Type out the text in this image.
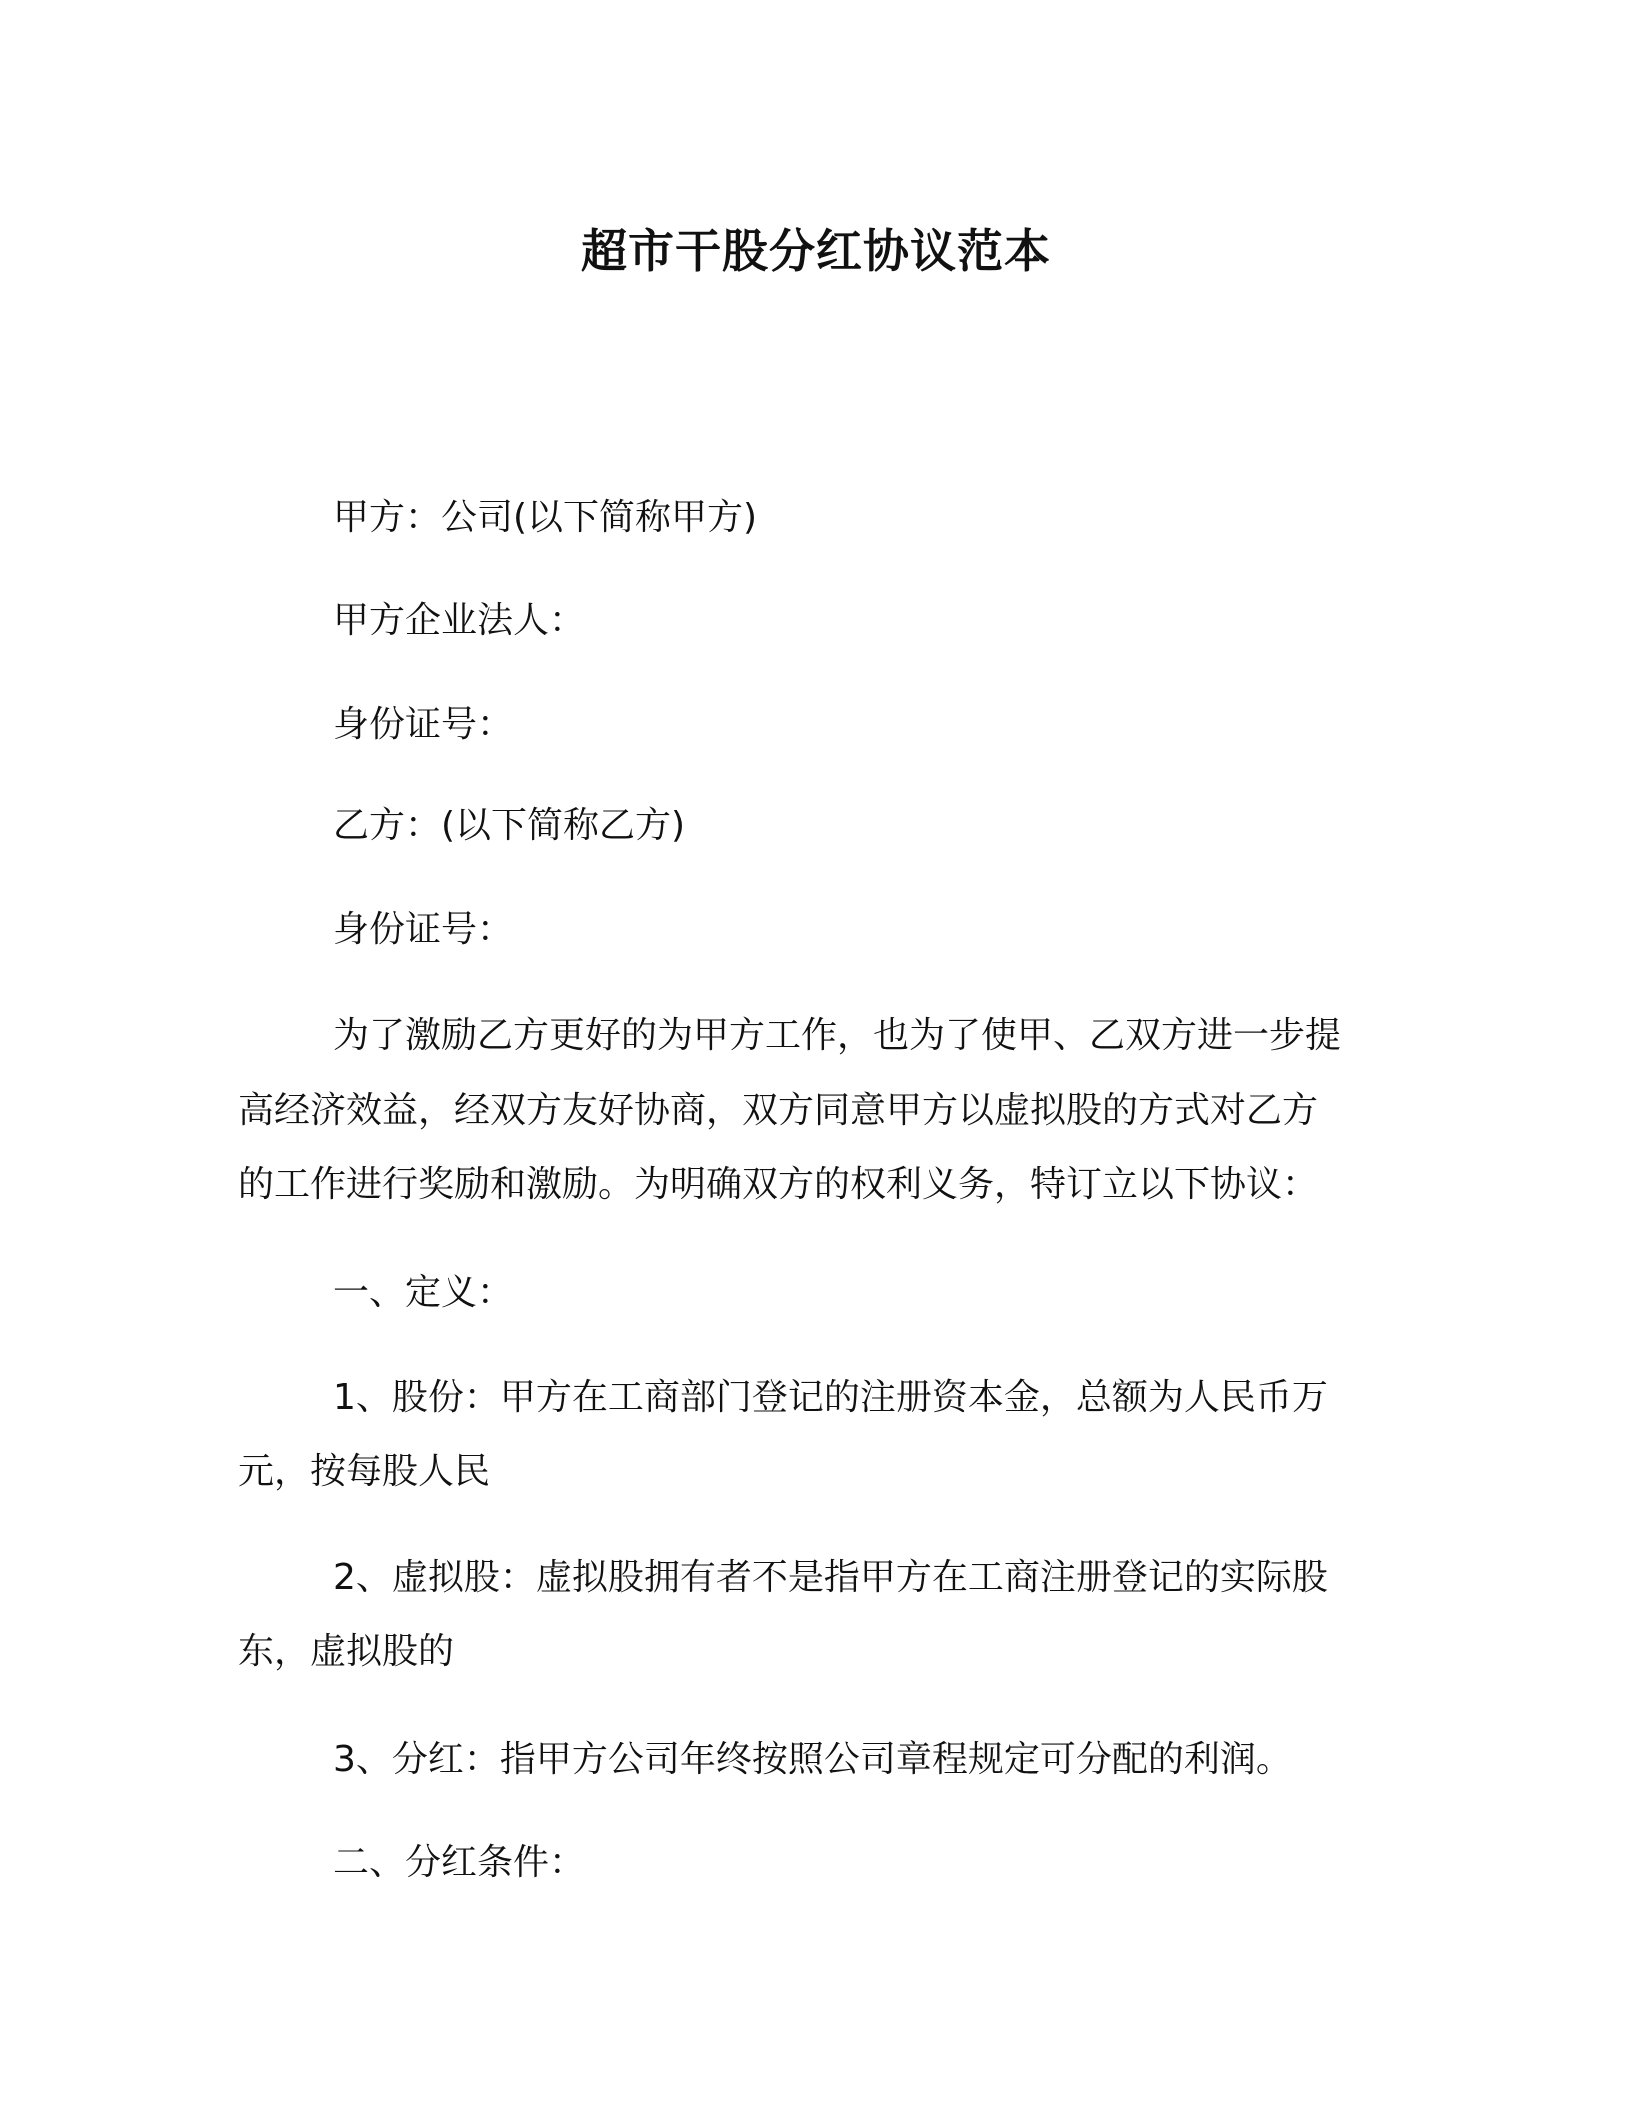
超市干股分红协议范本
甲方：公司(以下简称甲方)
甲方企业法人：
身份证号：
乙方：(以下简称乙方)
身份证号：
为了激励乙方更好的为甲方工作，也为了使甲、乙双方进一步提
高经济效益，经双方友好协商，双方同意甲方以虚拟股的方式对乙方
的工作进行奖励和激励。为明确双方的权利义务，特订立以下协议：
一、定义：
1、股份：甲方在工商部门登记的注册资本金，总额为人民币万
元，按每股人民
2、虚拟股：虚拟股拥有者不是指甲方在工商注册登记的实际股
东，虚拟股的
3、分红：指甲方公司年终按照公司章程规定可分配的利润。
二、分红条件：
